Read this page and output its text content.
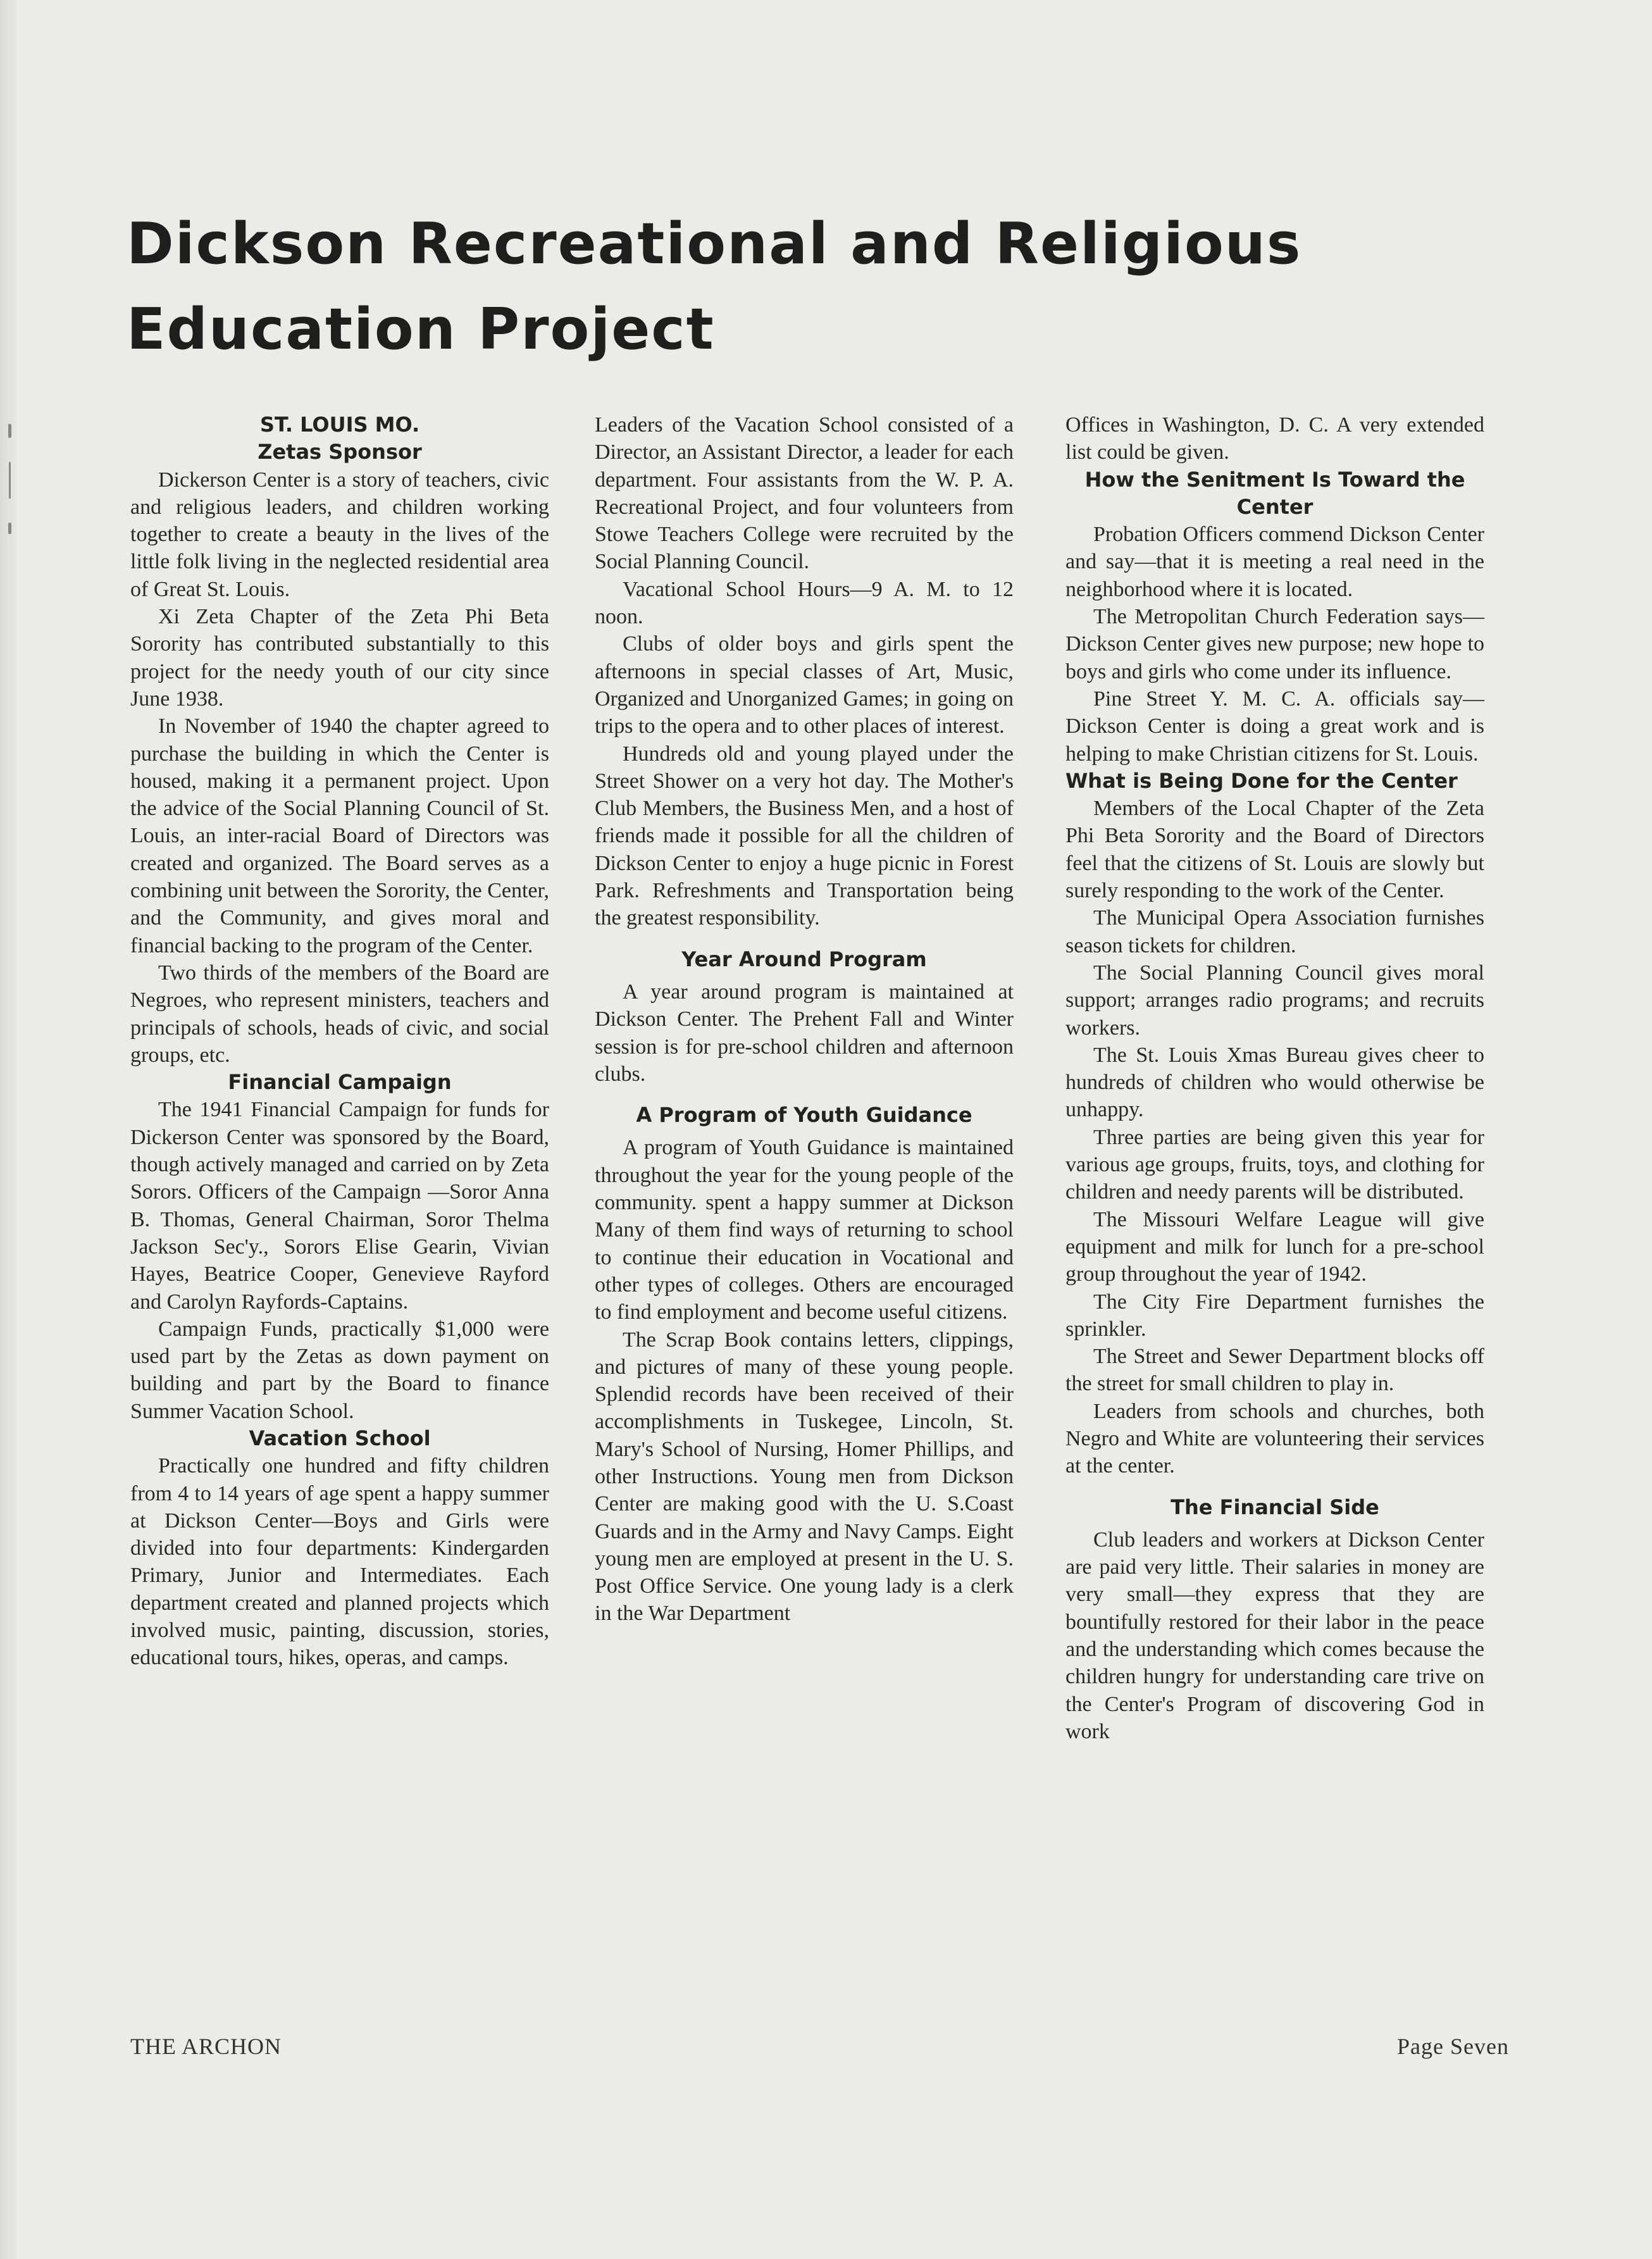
Dickson Recreational and Religious Education Project
ST. LOUIS MO.
Zetas Sponsor

Dickerson Center is a story of teachers, civic and religious leaders, and children working together to create a beauty in the lives of the little folk living in the neglected residential area of Great St. Louis.

Xi Zeta Chapter of the Zeta Phi Beta Sorority has contributed substantially to this project for the needy youth of our city since June 1938.

In November of 1940 the chapter agreed to purchase the building in which the Center is housed, making it a permanent project. Upon the advice of the Social Planning Council of St. Louis, an inter-racial Board of Directors was created and organized. The Board serves as a combining unit between the Sorority, the Center, and the Community, and gives moral and financial backing to the program of the Center.

Two thirds of the members of the Board are Negroes, who represent ministers, teachers and principals of schools, heads of civic, and social groups, etc.

Financial Campaign

The 1941 Financial Campaign for funds for Dickerson Center was sponsored by the Board, though actively managed and carried on by Zeta Sorors. Officers of the Campaign —Soror Anna B. Thomas, General Chairman, Soror Thelma Jackson Sec'y., Sorors Elise Gearin, Vivian Hayes, Beatrice Cooper, Genevieve Rayford and Carolyn Rayfords-Captains.

Campaign Funds, practically $1,000 were used part by the Zetas as down payment on building and part by the Board to finance Summer Vacation School.

Vacation School

Practically one hundred and fifty children from 4 to 14 years of age spent a happy summer at Dickson Center—Boys and Girls were divided into four departments: Kindergarden Primary, Junior and Intermediates. Each department created and planned projects which involved music, painting, discussion, stories, educational tours, hikes, operas, and camps.

Leaders of the Vacation School consisted of a Director, an Assistant Director, a leader for each department. Four assistants from the W. P. A. Recreational Project, and four volunteers from Stowe Teachers College were recruited by the Social Planning Council.

Vacational School Hours—9 A. M. to 12 noon.

Clubs of older boys and girls spent the afternoons in special classes of Art, Music, Organized and Unorganized Games; in going on trips to the opera and to other places of interest.

Hundreds old and young played under the Street Shower on a very hot day. The Mother's Club Members, the Business Men, and a host of friends made it possible for all the children of Dickson Center to enjoy a huge picnic in Forest Park. Refreshments and Transportation being the greatest responsibility.

Year Around Program

A year around program is maintained at Dickson Center. The Prehent Fall and Winter session is for pre-school children and afternoon clubs.

A Program of Youth Guidance

A program of Youth Guidance is maintained throughout the year for the young people of the community. spent a happy summer at Dickson Many of them find ways of returning to school to continue their education in Vocational and other types of colleges. Others are encouraged to find employment and become useful citizens.

The Scrap Book contains letters, clippings, and pictures of many of these young people. Splendid records have been received of their accomplishments in Tuskegee, Lincoln, St. Mary's School of Nursing, Homer Phillips, and other Instructions. Young men from Dickson Center are making good with the U. S.Coast Guards and in the Army and Navy Camps. Eight young men are employed at present in the U. S. Post Office Service. One young lady is a clerk in the War Department

Offices in Washington, D. C. A very extended list could be given.

How the Senitment Is Toward the Center

Probation Officers commend Dickson Center and say—that it is meeting a real need in the neighborhood where it is located.

The Metropolitan Church Federation says—Dickson Center gives new purpose; new hope to boys and girls who come under its influence.

Pine Street Y. M. C. A. officials say—Dickson Center is doing a great work and is helping to make Christian citizens for St. Louis.

What is Being Done for the Center

Members of the Local Chapter of the Zeta Phi Beta Sorority and the Board of Directors feel that the citizens of St. Louis are slowly but surely responding to the work of the Center.

The Municipal Opera Association furnishes season tickets for children.

The Social Planning Council gives moral support; arranges radio programs; and recruits workers.

The St. Louis Xmas Bureau gives cheer to hundreds of children who would otherwise be unhappy.

Three parties are being given this year for various age groups, fruits, toys, and clothing for children and needy parents will be distributed.

The Missouri Welfare League will give equipment and milk for lunch for a pre-school group throughout the year of 1942.

The City Fire Department furnishes the sprinkler.

The Street and Sewer Department blocks off the street for small children to play in.

Leaders from schools and churches, both Negro and White are volunteering their services at the center.

The Financial Side

Club leaders and workers at Dickson Center are paid very little. Their salaries in money are very small—they express that they are bountifully restored for their labor in the peace and the understanding which comes because the children hungry for understanding care trive on the Center's Program of discovering God in work

THE ARCHON	Page Seven
